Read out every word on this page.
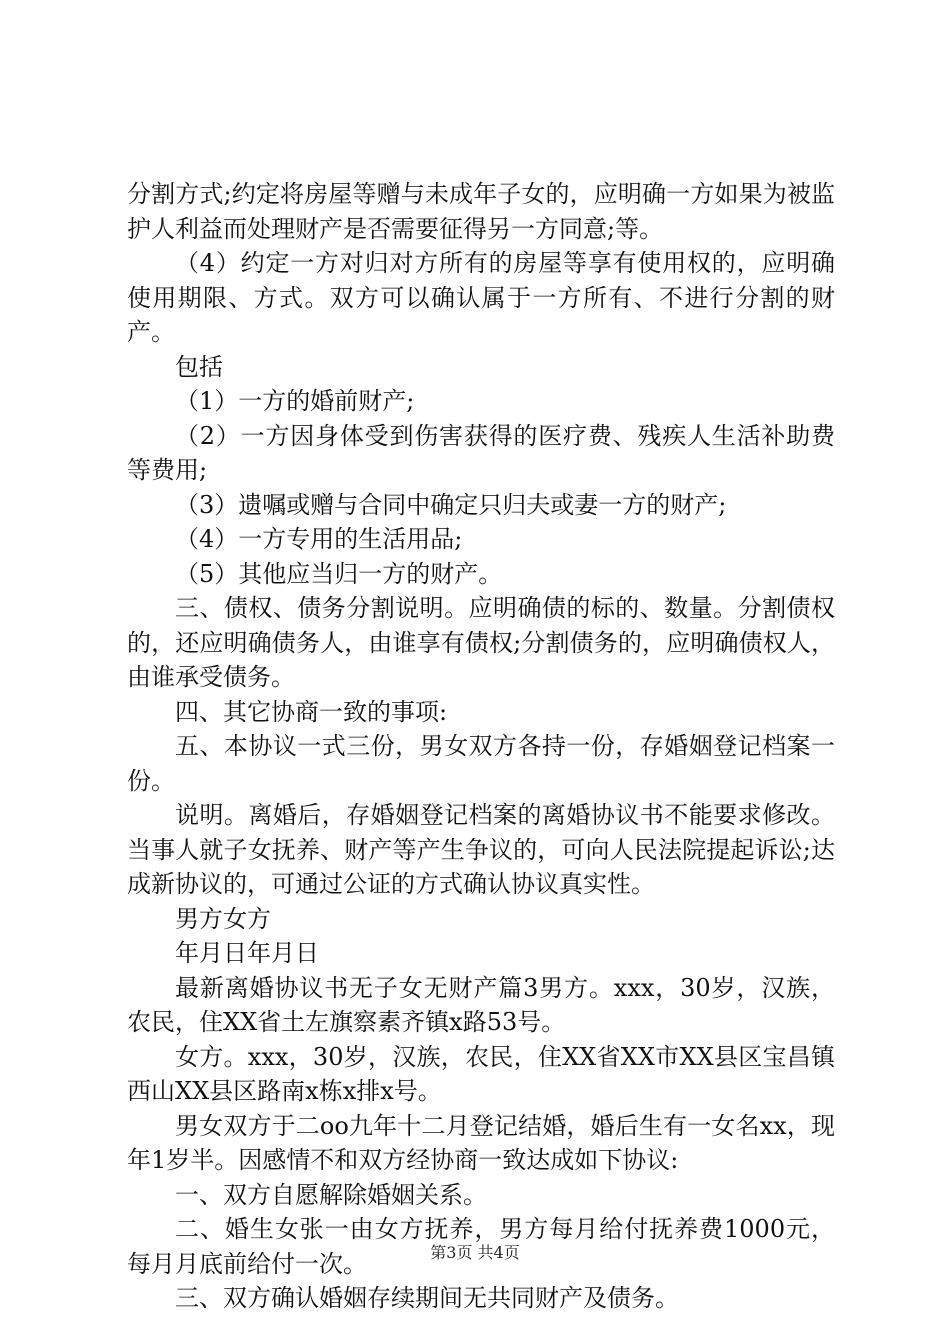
分割方式;约定将房屋等赠与未成年子女的，应明确一方如果为被监护人利益而处理财产是否需要征得另一方同意;等。

（4）约定一方对归对方所有的房屋等享有使用权的，应明确使用期限、方式。双方可以确认属于一方所有、不进行分割的财产。

包括

（1）一方的婚前财产;

（2）一方因身体受到伤害获得的医疗费、残疾人生活补助费等费用;

（3）遗嘱或赠与合同中确定只归夫或妻一方的财产;

（4）一方专用的生活用品;

（5）其他应当归一方的财产。

三、债权、债务分割说明。应明确债的标的、数量。分割债权的，还应明确债务人，由谁享有债权;分割债务的，应明确债权人，由谁承受债务。

四、其它协商一致的事项:

五、本协议一式三份，男女双方各持一份，存婚姻登记档案一份。

说明。离婚后，存婚姻登记档案的离婚协议书不能要求修改。当事人就子女抚养、财产等产生争议的，可向人民法院提起诉讼;达成新协议的，可通过公证的方式确认协议真实性。

男方女方

年月日年月日

最新离婚协议书无子女无财产篇3男方。xxx，30岁，汉族，农民，住XX省土左旗察素齐镇x路53号。

女方。xxx，30岁，汉族，农民，住XX省XX市XX县区宝昌镇西山XX县区路南x栋x排x号。

男女双方于二oo九年十二月登记结婚，婚后生有一女名xx，现年1岁半。因感情不和双方经协商一致达成如下协议:

一、双方自愿解除婚姻关系。

二、婚生女张一由女方抚养，男方每月给付抚养费1000元，每月月底前给付一次。

三、双方确认婚姻存续期间无共同财产及债务。

第3页 共4页
